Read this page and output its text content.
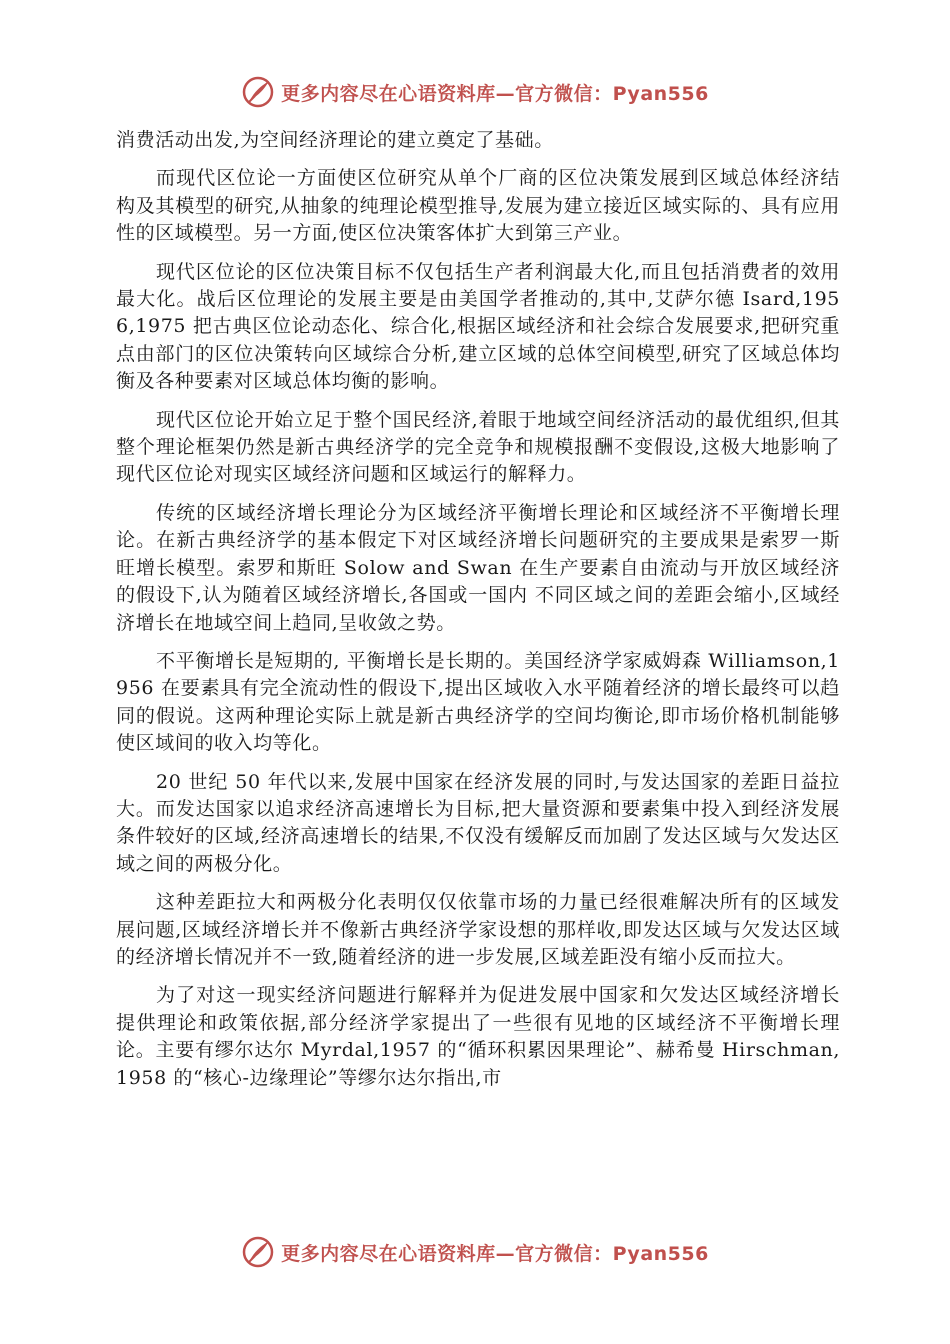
更多内容尽在心语资料库—官方微信：Pyan556

消费活动出发,为空间经济理论的建立奠定了基础。

而现代区位论一方面使区位研究从单个厂商的区位决策发展到区域总体经济结构及其模型的研究,从抽象的纯理论模型推导,发展为建立接近区域实际的、具有应用性的区域模型。另一方面,使区位决策客体扩大到第三产业。

现代区位论的区位决策目标不仅包括生产者利润最大化,而且包括消费者的效用最大化。战后区位理论的发展主要是由美国学者推动的,其中,艾萨尔德 Isard,1956,1975 把古典区位论动态化、综合化,根据区域经济和社会综合发展要求,把研究重点由部门的区位决策转向区域综合分析,建立区域的总体空间模型,研究了区域总体均衡及各种要素对区域总体均衡的影响。

现代区位论开始立足于整个国民经济,着眼于地域空间经济活动的最优组织,但其整个理论框架仍然是新古典经济学的完全竞争和规模报酬不变假设,这极大地影响了现代区位论对现实区域经济问题和区域运行的解释力。

传统的区域经济增长理论分为区域经济平衡增长理论和区域经济不平衡增长理论。在新古典经济学的基本假定下对区域经济增长问题研究的主要成果是索罗一斯旺增长模型。索罗和斯旺 Solow and Swan 在生产要素自由流动与开放区域经济的假设下,认为随着区域经济增长,各国或一国内 不同区域之间的差距会缩小,区域经济增长在地域空间上趋同,呈收敛之势。

不平衡增长是短期的, 平衡增长是长期的。美国经济学家威姆森 Williamson,1956 在要素具有完全流动性的假设下,提出区域收入水平随着经济的增长最终可以趋同的假说。这两种理论实际上就是新古典经济学的空间均衡论,即市场价格机制能够使区域间的收入均等化。

20 世纪 50 年代以来,发展中国家在经济发展的同时,与发达国家的差距日益拉大。而发达国家以追求经济高速增长为目标,把大量资源和要素集中投入到经济发展条件较好的区域,经济高速增长的结果,不仅没有缓解反而加剧了发达区域与欠发达区域之间的两极分化。

这种差距拉大和两极分化表明仅仅依靠市场的力量已经很难解决所有的区域发展问题,区域经济增长并不像新古典经济学家设想的那样收,即发达区域与欠发达区域的经济增长情况并不一致,随着经济的进一步发展,区域差距没有缩小反而拉大。

为了对这一现实经济问题进行解释并为促进发展中国家和欠发达区域经济增长提供理论和政策依据,部分经济学家提出了一些很有见地的区域经济不平衡增长理论。主要有缪尔达尔 Myrdal,1957 的“循环积累因果理论”、赫希曼 Hirschman,1958 的“核心-边缘理论”等缪尔达尔指出,市

更多内容尽在心语资料库—官方微信：Pyan556
